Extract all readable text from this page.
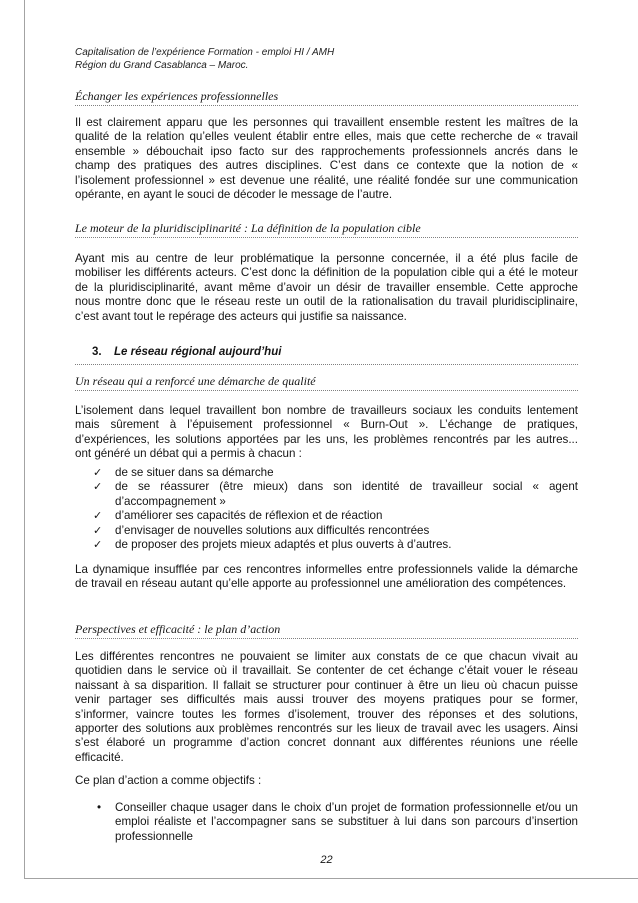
Capitalisation de l’expérience Formation - emploi HI / AMH
Région du Grand Casablanca – Maroc.
Échanger les expériences professionnelles
Il est clairement apparu que les personnes qui travaillent ensemble restent les maîtres de la
qualité de la relation qu’elles veulent établir entre elles, mais que cette recherche de « travail
ensemble » débouchait ipso facto sur des rapprochements professionnels ancrés dans le
champ des pratiques des autres disciplines. C’est dans ce contexte que la notion de «
l’isolement professionnel » est devenue une réalité, une réalité fondée sur une communication
opérante, en ayant le souci de décoder le message de l’autre.
Le moteur de la pluridisciplinarité : La définition de la population cible
Ayant mis au centre de leur problématique la personne concernée, il a été plus facile de
mobiliser les différents acteurs. C’est donc la définition de la population cible qui a été le moteur
de la pluridisciplinarité, avant même d’avoir un désir de travailler ensemble. Cette approche
nous montre donc que le réseau reste un outil de la rationalisation du travail pluridisciplinaire,
c’est avant tout le repérage des acteurs qui justifie sa naissance.
3. Le réseau régional aujourd’hui
Un réseau qui a renforcé une démarche de qualité
L’isolement dans lequel travaillent bon nombre de travailleurs sociaux les conduits lentement
mais sûrement à l’épuisement professionnel « Burn-Out ». L’échange de pratiques,
d’expériences, les solutions apportées par les uns, les problèmes rencontrés par les autres...
ont généré un débat qui a permis à chacun :
✓
de se situer dans sa démarche
✓
de se réassurer (être mieux) dans son identité de travailleur social « agent
d’accompagnement »
✓
d’améliorer ses capacités de réflexion et de réaction
✓
d’envisager de nouvelles solutions aux difficultés rencontrées
✓
de proposer des projets mieux adaptés et plus ouverts à d’autres.
La dynamique insufflée par ces rencontres informelles entre professionnels valide la démarche
de travail en réseau autant qu’elle apporte au professionnel une amélioration des compétences.
Perspectives et efficacité : le plan d’action
Les différentes rencontres ne pouvaient se limiter aux constats de ce que chacun vivait au
quotidien dans le service où il travaillait. Se contenter de cet échange c’était vouer le réseau
naissant à sa disparition. Il fallait se structurer pour continuer à être un lieu où chacun puisse
venir partager ses difficultés mais aussi trouver des moyens pratiques pour se former,
s’informer, vaincre toutes les formes d’isolement, trouver des réponses et des solutions,
apporter des solutions aux problèmes rencontrés sur les lieux de travail avec les usagers. Ainsi
s’est élaboré un programme d’action concret donnant aux différentes réunions une réelle
efficacité.
Ce plan d’action a comme objectifs :
•
Conseiller chaque usager dans le choix d’un projet de formation professionnelle et/ou un
emploi réaliste et l’accompagner sans se substituer à lui dans son parcours d’insertion
professionnelle
22
